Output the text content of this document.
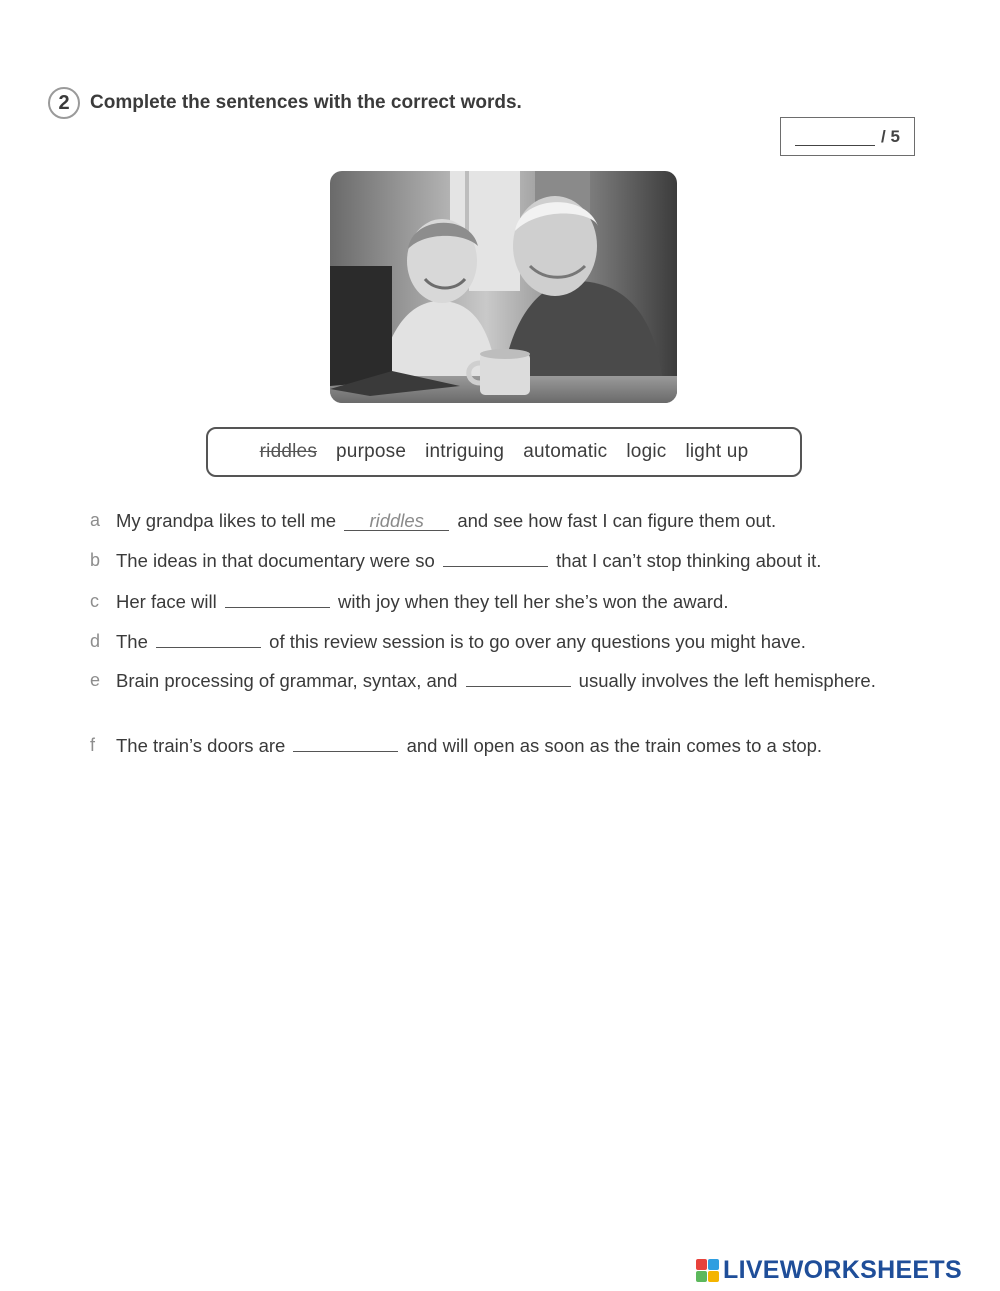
2	Complete the sentences with the correct words.
/ 5
riddles purpose intriguing automatic logic light up
a My grandpa likes to tell me riddles and see how fast I can figure them out.
b The ideas in that documentary were so	that I can’t stop thinking about it.
c Her face will	with joy when they tell her she’s won the award.
d The	of this review session is to go over any questions you might have.
e Brain processing of grammar, syntax, and	usually involves the left hemisphere.
f The train’s doors are	and will open as soon as the train comes to a stop.
LIVEWORKSHEETS
